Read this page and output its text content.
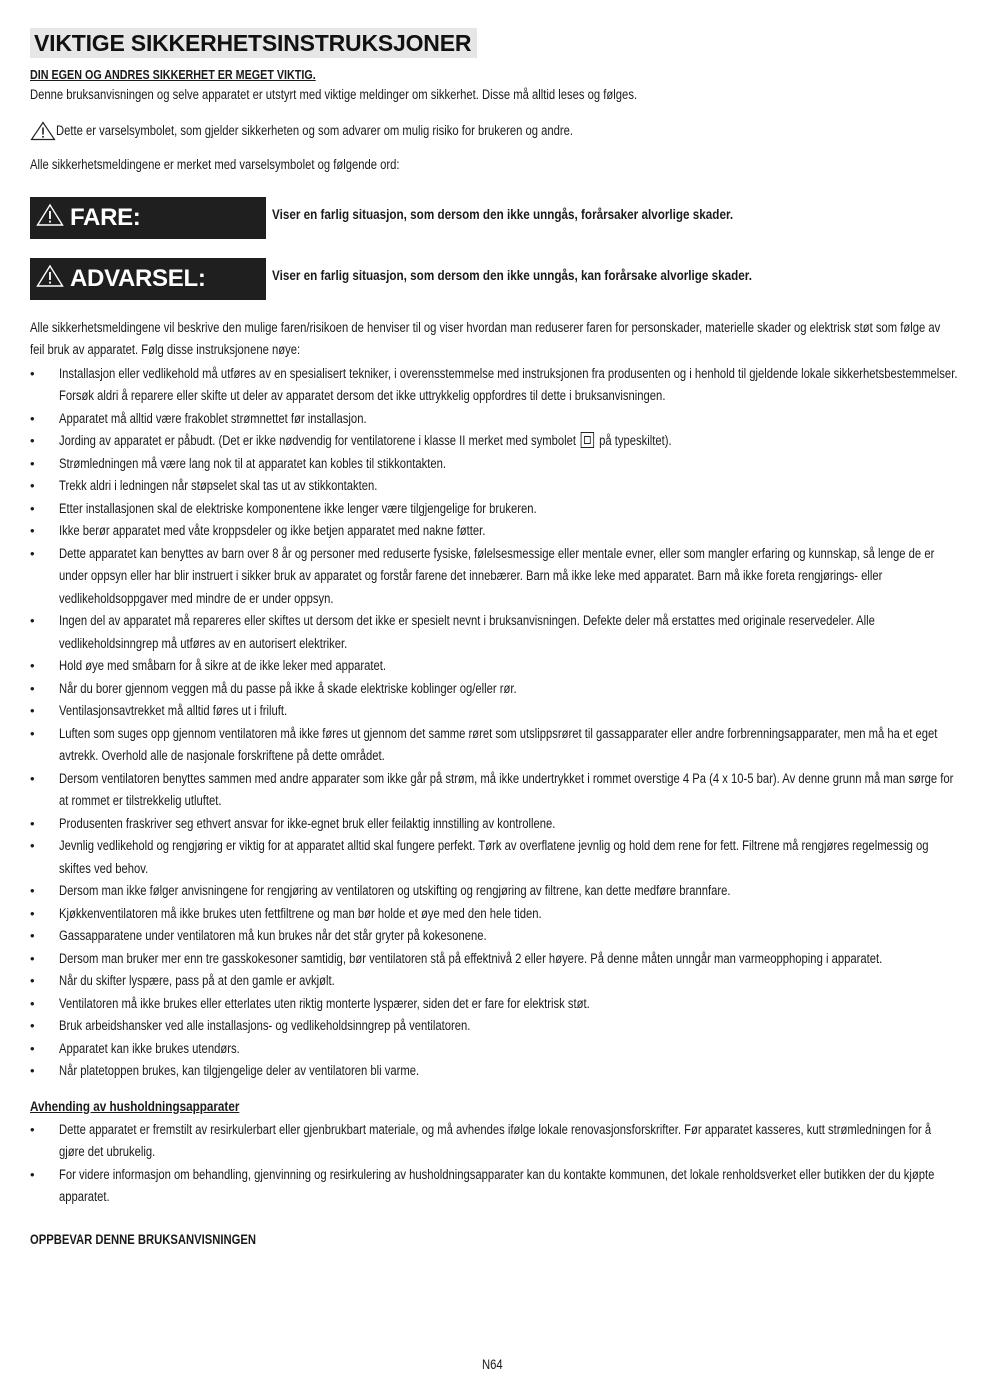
VIKTIGE SIKKERHETSINSTRUKSJONER
DIN EGEN OG ANDRES SIKKERHET ER MEGET VIKTIG.
Denne bruksanvisningen og selve apparatet er utstyrt med viktige meldinger om sikkerhet. Disse må alltid leses og følges.
Dette er varselsymbolet, som gjelder sikkerheten og som advarer om mulig risiko for brukeren og andre.
Alle sikkerhetsmeldingene er merket med varselsymbolet og følgende ord:
FARE:	Viser en farlig situasjon, som dersom den ikke unngås, forårsaker alvorlige skader.
ADVARSEL:	Viser en farlig situasjon, som dersom den ikke unngås, kan forårsake alvorlige skader.
Alle sikkerhetsmeldingene vil beskrive den mulige faren/risikoen de henviser til og viser hvordan man reduserer faren for personskader, materielle skader og elektrisk støt som følge av feil bruk av apparatet. Følg disse instruksjonene nøye:
• Installasjon eller vedlikehold må utføres av en spesialisert tekniker, i overensstemmelse med instruksjonen fra produsenten og i henhold til gjeldende lokale sikkerhetsbestemmelser. Forsøk aldri å reparere eller skifte ut deler av apparatet dersom det ikke uttrykkelig oppfordres til dette i bruksanvisningen.
• Apparatet må alltid være frakoblet strømnettet før installasjon.
• Jording av apparatet er påbudt. (Det er ikke nødvendig for ventilatorene i klasse II merket med symbolet på typeskiltet).
• Strømledningen må være lang nok til at apparatet kan kobles til stikkontakten.
• Trekk aldri i ledningen når støpselet skal tas ut av stikkontakten.
• Etter installasjonen skal de elektriske komponentene ikke lenger være tilgjengelige for brukeren.
• Ikke berør apparatet med våte kroppsdeler og ikke betjen apparatet med nakne føtter.
• Dette apparatet kan benyttes av barn over 8 år og personer med reduserte fysiske, følelsesmessige eller mentale evner, eller som mangler erfaring og kunnskap, så lenge de er under oppsyn eller har blir instruert i sikker bruk av apparatet og forstår farene det innebærer. Barn må ikke leke med apparatet. Barn må ikke foreta rengjørings- eller vedlikeholdsoppgaver med mindre de er under oppsyn.
• Ingen del av apparatet må repareres eller skiftes ut dersom det ikke er spesielt nevnt i bruksanvisningen. Defekte deler må erstattes med originale reservedeler. Alle vedlikeholdsinngrep må utføres av en autorisert elektriker.
• Hold øye med småbarn for å sikre at de ikke leker med apparatet.
• Når du borer gjennom veggen må du passe på ikke å skade elektriske koblinger og/eller rør.
• Ventilasjonsavtrekket må alltid føres ut i friluft.
• Luften som suges opp gjennom ventilatoren må ikke føres ut gjennom det samme røret som utslippsrøret til gassapparater eller andre forbrenningsapparater, men må ha et eget avtrekk. Overhold alle de nasjonale forskriftene på dette området.
• Dersom ventilatoren benyttes sammen med andre apparater som ikke går på strøm, må ikke undertrykket i rommet overstige 4 Pa (4 x 10-5 bar). Av denne grunn må man sørge for at rommet er tilstrekkelig utluftet.
• Produsenten fraskriver seg ethvert ansvar for ikke-egnet bruk eller feilaktig innstilling av kontrollene.
• Jevnlig vedlikehold og rengjøring er viktig for at apparatet alltid skal fungere perfekt. Tørk av overflatene jevnlig og hold dem rene for fett. Filtrene må rengjøres regelmessig og skiftes ved behov.
• Dersom man ikke følger anvisningene for rengjøring av ventilatoren og utskifting og rengjøring av filtrene, kan dette medføre brannfare.
• Kjøkkenventilatoren må ikke brukes uten fettfiltrene og man bør holde et øye med den hele tiden.
• Gassapparatene under ventilatoren må kun brukes når det står gryter på kokesonene.
• Dersom man bruker mer enn tre gasskokesoner samtidig, bør ventilatoren stå på effektnivå 2 eller høyere. På denne måten unngår man varmeopphoping i apparatet.
• Når du skifter lyspære, pass på at den gamle er avkjølt.
• Ventilatoren må ikke brukes eller etterlates uten riktig monterte lyspærer, siden det er fare for elektrisk støt.
• Bruk arbeidshansker ved alle installasjons- og vedlikeholdsinngrep på ventilatoren.
• Apparatet kan ikke brukes utendørs.
• Når platetoppen brukes, kan tilgjengelige deler av ventilatoren bli varme.
Avhending av husholdningsapparater
• Dette apparatet er fremstilt av resirkulerbart eller gjenbrukbart materiale, og må avhendes ifølge lokale renovasjonsforskrifter. Før apparatet kasseres, kutt strømledningen for å gjøre det ubrukelig.
• For videre informasjon om behandling, gjenvinning og resirkulering av husholdningsapparater kan du kontakte kommunen, det lokale renholdsverket eller butikken der du kjøpte apparatet.
OPPBEVAR DENNE BRUKSANVISNINGEN
N64
